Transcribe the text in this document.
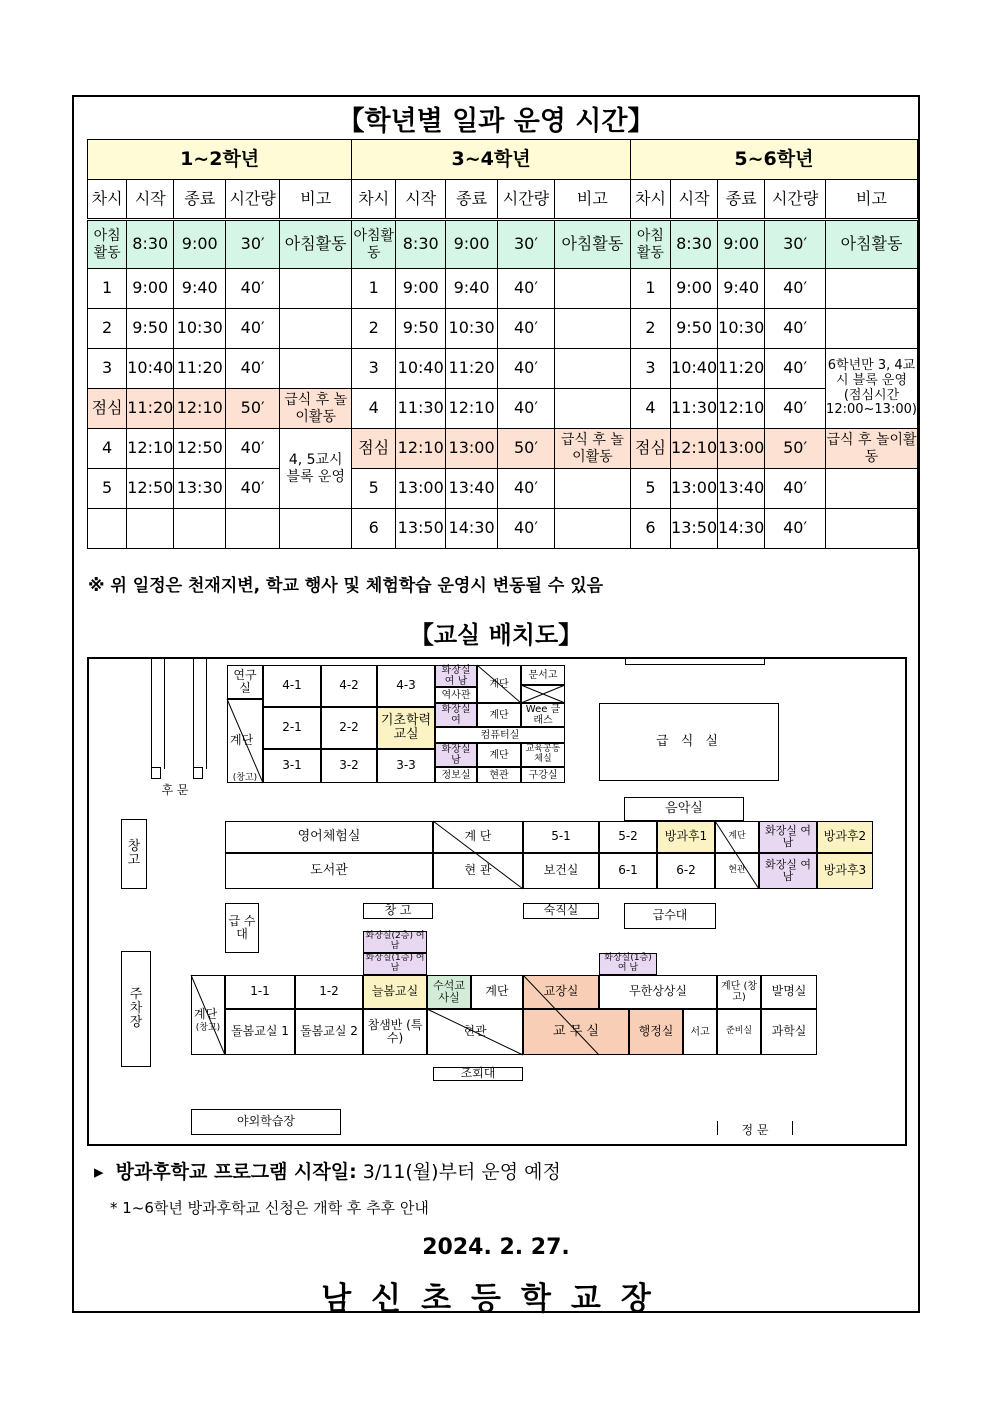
【학년별 일과 운영 시간】
1~2학년					3~4학년					5~6학년				
차시	시작	종료	시간량	비고	차시	시작	종료	시간량	비고	차시	시작	종료	시간량	비고
아침활동	8:30	9:00	30′	아침활동	아침활동	8:30	9:00	30′	아침활동	아침활동	8:30	9:00	30′	아침활동
1	9:00	9:40	40′		1	9:00	9:40	40′		1	9:00	9:40	40′	
2	9:50	10:30	40′		2	9:50	10:30	40′		2	9:50	10:30	40′	
3	10:40	11:20	40′		3	10:40	11:20	40′		3	10:40	11:20	40′	6학년만 3, 4교시 블록 운영 (점심시간 12:00~13:00)
점심	11:20	12:10	50′	급식 후 놀이활동	4	11:30	12:10	40′		4	11:30	12:10	40′	
4	12:10	12:50	40′	4, 5교시 블록 운영	점심	12:10	13:00	50′	급식 후 놀이활동	점심	12:10	13:00	50′	급식 후 놀이활동
5	12:50	13:30	40′		5	13:00	13:40	40′		5	13:00	13:40	40′	
					6	13:50	14:30	40′		6	13:50	14:30	40′	
※ 위 일정은 천재지변, 학교 행사 및 체험학습 운영시 변동될 수 있음
【교실 배치도】
후 문
연구실
계단
(창고)
4-1	4-2	4-3
2-1	2-2	기초학력교실
3-1	3-2	3-3
화장실 여 남
역사관
계단
문서고
화장실 여	계단	Wee 클래스
컴퓨터실
화장실 남	계단
교육공동체실
정보실	현관	구강실
급 식 실
음악실
창 고
영어체험실	계 단	5-1	5-2	방과후1	계단	화장실 여 남	방과후2
도서관	현 관	보건실	6-1	6-2	현관	화장실 여 남	방과후3
급 수 대
창 고	숙직실	급수대
화장실(2층) 여 남
화장실(1층) 여 남
화장실(1층) 여 남
주 차 장
계단
(창고)
1-1	1-2	늘봄교실	수석교사실	계단	교장실	무한상상실	계단 (창고)	발명실
돌봄교실 1 돌봄교실 2 참샘반 (특수)	현관	교 무 실	행정실	서고	준비실	과학실
조회대
야외학습장
정 문
▸  방과후학교 프로그램 시작일: 3/11(월)부터 운영 예정
* 1~6학년 방과후학교 신청은 개학 후 추후 안내
2024. 2. 27.
남신초등학교장
